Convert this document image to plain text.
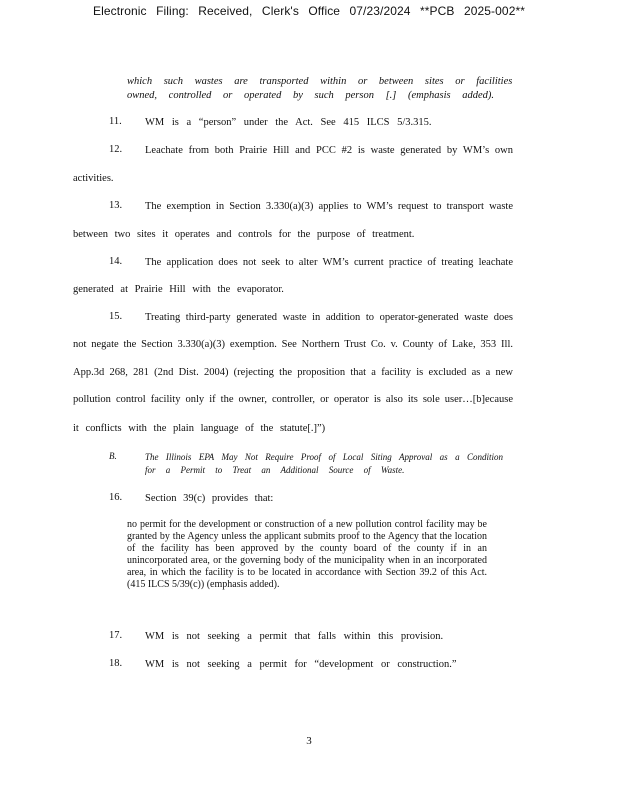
Electronic Filing: Received, Clerk's Office 07/23/2024 **PCB 2025-002**
which such wastes are transported within or between sites or facilities
owned, controlled or operated by such person [.] (emphasis added).
11. WM is a “person” under the Act. See 415 ILCS 5/3.315.
12. Leachate from both Prairie Hill and PCC #2 is waste generated by WM’s own
activities.
13. The exemption in Section 3.330(a)(3) applies to WM’s request to transport waste
between two sites it operates and controls for the purpose of treatment.
14. The application does not seek to alter WM’s current practice of treating leachate
generated at Prairie Hill with the evaporator.
15. Treating third-party generated waste in addition to operator-generated waste does
not negate the Section 3.330(a)(3) exemption. See Northern Trust Co. v. County of Lake, 353 Ill.
App.3d 268, 281 (2nd Dist. 2004) (rejecting the proposition that a facility is excluded as a new
pollution control facility only if the owner, controller, or operator is also its sole user…[b]ecause
it conflicts with the plain language of the statute[.]”)
B.	The Illinois EPA May Not Require Proof of Local Siting Approval as a Condition
for a Permit to Treat an Additional Source of Waste.
16. Section 39(c) provides that:

no permit for the development or construction of a new pollution control facility may be granted by the Agency unless the applicant submits proof to the Agency that the location of the facility has been approved by the county board of the county if in an unincorporated area, or the governing body of the municipality when in an incorporated area, in which the facility is to be located in accordance with Section 39.2 of this Act. (415 ILCS 5/39(c)) (emphasis added).

17. WM is not seeking a permit that falls within this provision.
18. WM is not seeking a permit for “development or construction.”
3
